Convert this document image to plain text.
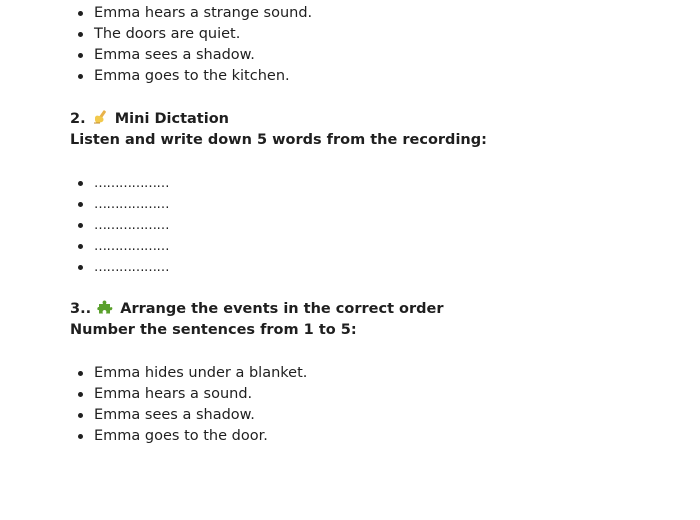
Emma hears a strange sound.
The doors are quiet.
Emma sees a shadow.
Emma goes to the kitchen.
2. Mini Dictation
Listen and write down 5 words from the recording:
………………
………………
………………
………………
………………
3.. Arrange the events in the correct order
Number the sentences from 1 to 5:
Emma hides under a blanket.
Emma hears a sound.
Emma sees a shadow.
Emma goes to the door.
